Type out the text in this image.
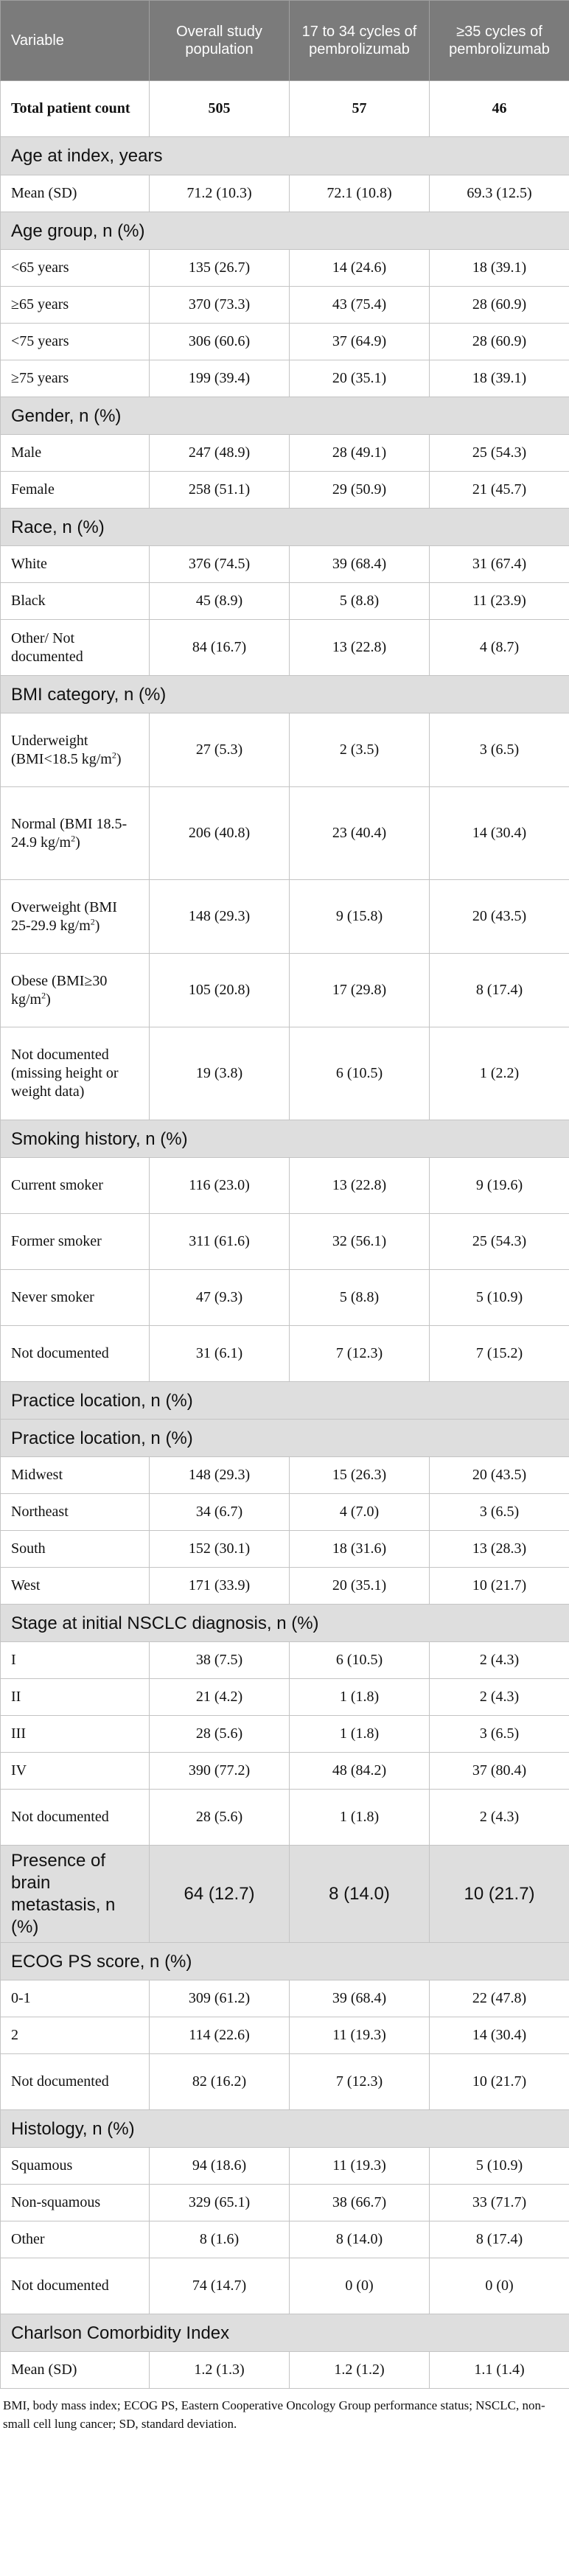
Variable	Overall study population	17 to 34 cycles of pembrolizumab	≥35 cycles of pembrolizumab
Total patient count	505	57	46
Age at index, years			
Mean (SD)	71.2 (10.3)	72.1 (10.8)	69.3 (12.5)
Age group, n (%)			
<65 years	135 (26.7)	14 (24.6)	18 (39.1)
≥65 years	370 (73.3)	43 (75.4)	28 (60.9)
<75 years	306 (60.6)	37 (64.9)	28 (60.9)
≥75 years	199 (39.4)	20 (35.1)	18 (39.1)
Gender, n (%)			
Male	247 (48.9)	28 (49.1)	25 (54.3)
Female	258 (51.1)	29 (50.9)	21 (45.7)
Race, n (%)			
White	376 (74.5)	39 (68.4)	31 (67.4)
Black	45 (8.9)	5 (8.8)	11 (23.9)
Other/ Not documented	84 (16.7)	13 (22.8)	4 (8.7)
BMI category, n (%)			
Underweight (BMI<18.5 $kg/m^2$)	27 (5.3)	2 (3.5)	3 (6.5)
Normal (BMI 18.5-24.9 $kg/m^2$)	206 (40.8)	23 (40.4)	14 (30.4)
Overweight (BMI 25-29.9 $kg/m^2$)	148 (29.3)	9 (15.8)	20 (43.5)
Obese (BMI≥30 $kg/m^2$)	105 (20.8)	17 (29.8)	8 (17.4)
Not documented (missing height or weight data)	19 (3.8)	6 (10.5)	1 (2.2)
Smoking history, n (%)			
Current smoker	116 (23.0)	13 (22.8)	9 (19.6)
Former smoker	311 (61.6)	32 (56.1)	25 (54.3)
Never smoker	47 (9.3)	5 (8.8)	5 (10.9)
Not documented	31 (6.1)	7 (12.3)	7 (15.2)
Practice location, n (%)			
Practice location, n (%)			
Midwest	148 (29.3)	15 (26.3)	20 (43.5)
Northeast	34 (6.7)	4 (7.0)	3 (6.5)
South	152 (30.1)	18 (31.6)	13 (28.3)
West	171 (33.9)	20 (35.1)	10 (21.7)
Stage at initial NSCLC diagnosis, n (%)			
I	38 (7.5)	6 (10.5)	2 (4.3)
II	21 (4.2)	1 (1.8)	2 (4.3)
III	28 (5.6)	1 (1.8)	3 (6.5)
IV	390 (77.2)	48 (84.2)	37 (80.4)
Not documented	28 (5.6)	1 (1.8)	2 (4.3)
Presence of brain metastasis, n (%)	64 (12.7)	8 (14.0)	10 (21.7)
ECOG PS score, n (%)			
0-1	309 (61.2)	39 (68.4)	22 (47.8)
2	114 (22.6)	11 (19.3)	14 (30.4)
Not documented	82 (16.2)	7 (12.3)	10 (21.7)
Histology, n (%)			
Squamous	94 (18.6)	11 (19.3)	5 (10.9)
Non-squamous	329 (65.1)	38 (66.7)	33 (71.7)
Other	8 (1.6)	8 (14.0)	8 (17.4)
Not documented	74 (14.7)	0 (0)	0 (0)
Charlson Comorbidity Index			
Mean (SD)	1.2 (1.3)	1.2 (1.2)	1.1 (1.4)
BMI, body mass index; ECOG PS, Eastern Cooperative Oncology Group performance status; NSCLC, non-small cell lung cancer; SD, standard deviation.
